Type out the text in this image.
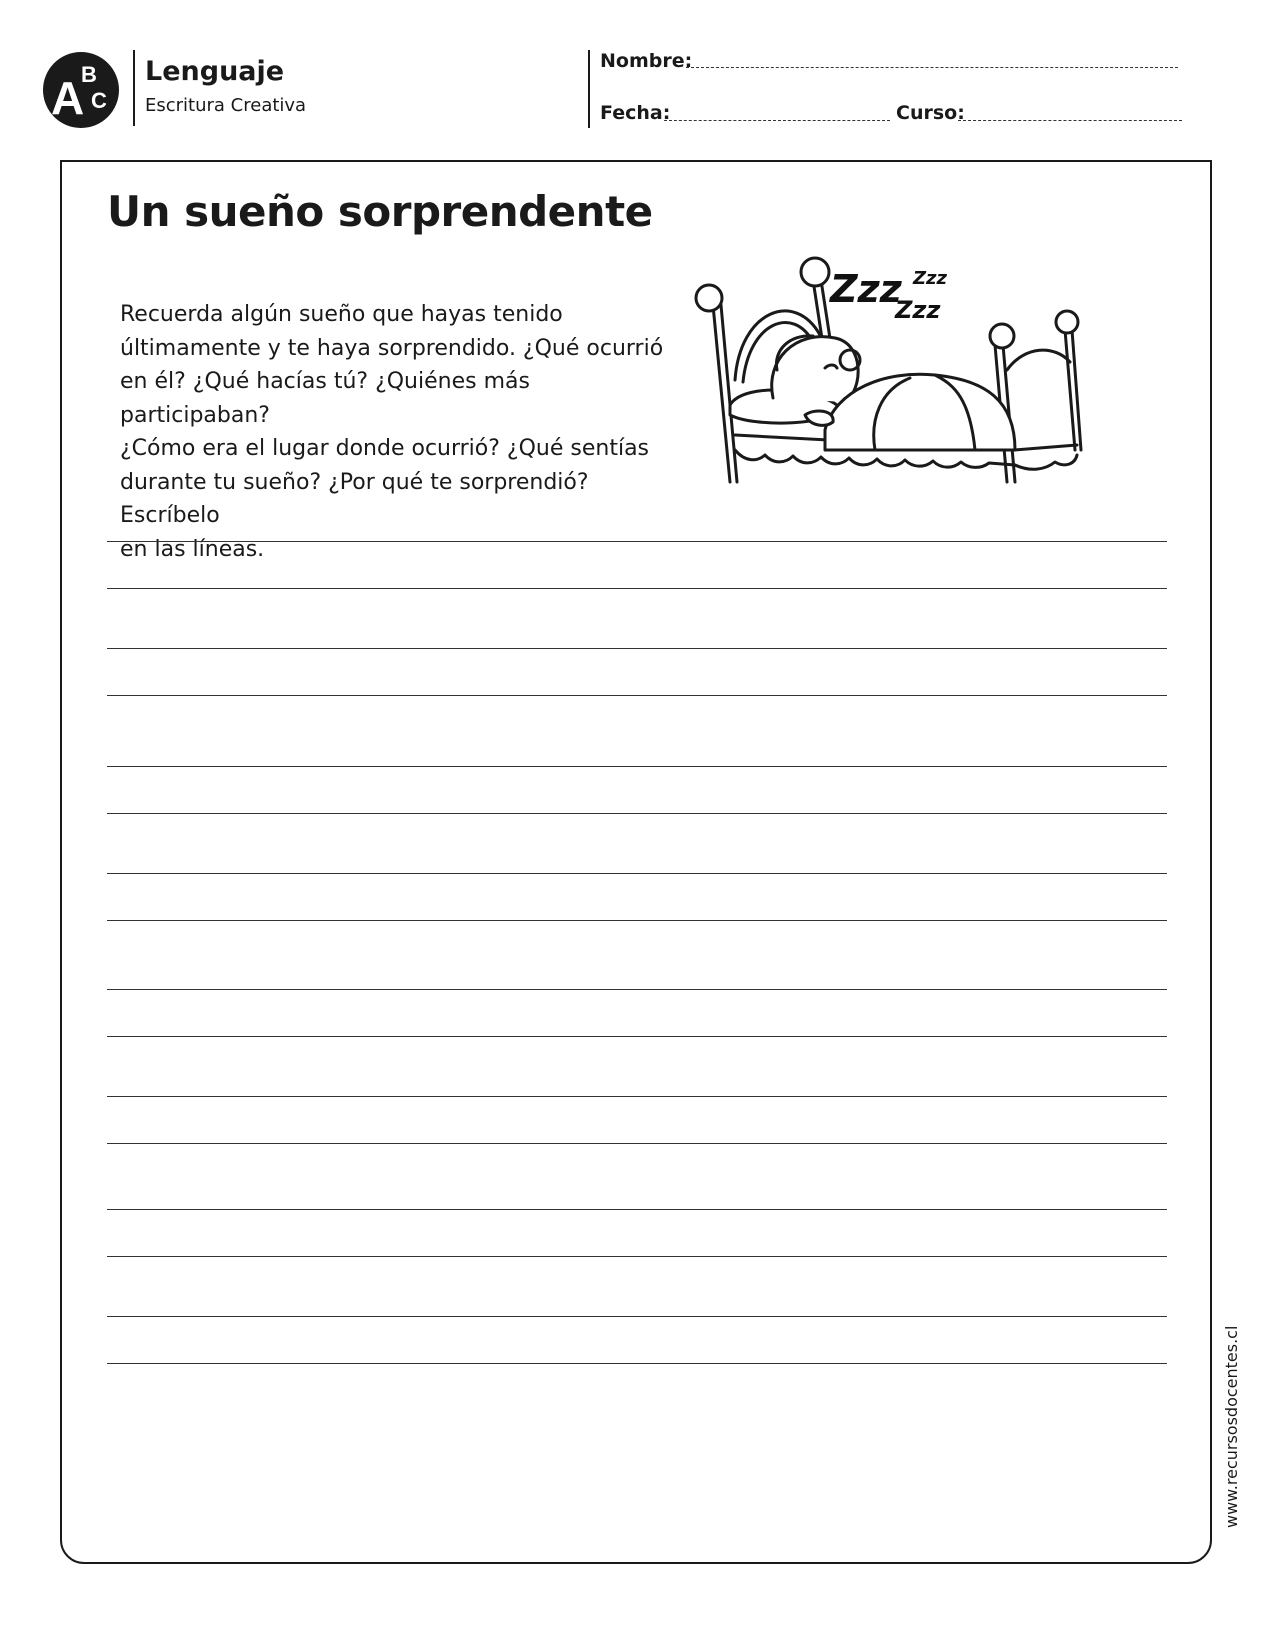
A
B
C
Lenguaje
Escritura Creativa
Nombre:
Fecha:	Curso:
Un sueño sorprendente
Recuerda algún sueño que hayas tenido
últimamente y te haya sorprendido. ¿Qué ocurrió
en él? ¿Qué hacías tú? ¿Quiénes más participaban?
¿Cómo era el lugar donde ocurrió? ¿Qué sentías
durante tu sueño? ¿Por qué te sorprendió? Escríbelo
en las líneas.
Zzz Zzz
Zzz
www.recursosdocentes.cl
